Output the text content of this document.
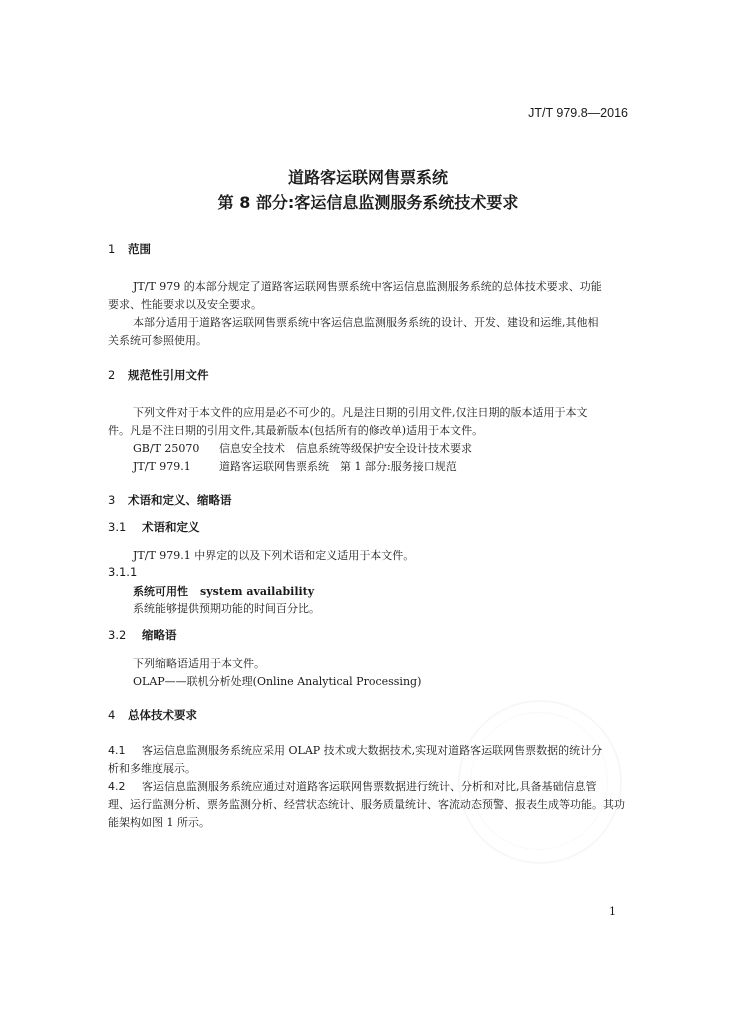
JT/T 979.8—2016
道路客运联网售票系统
第 8 部分:客运信息监测服务系统技术要求
1 范围
JT/T 979 的本部分规定了道路客运联网售票系统中客运信息监测服务系统的总体技术要求、功能
要求、性能要求以及安全要求。
本部分适用于道路客运联网售票系统中客运信息监测服务系统的设计、开发、建设和运维,其他相
关系统可参照使用。
2 规范性引用文件
下列文件对于本文件的应用是必不可少的。凡是注日期的引用文件,仅注日期的版本适用于本文
件。凡是不注日期的引用文件,其最新版本(包括所有的修改单)适用于本文件。
GB/T 25070 信息安全技术　信息系统等级保护安全设计技术要求
JT/T 979.1	道路客运联网售票系统　第 1 部分:服务接口规范
3 术语和定义、缩略语
3.1 术语和定义
JT/T 979.1 中界定的以及下列术语和定义适用于本文件。
3.1.1
系统可用性 system availability
系统能够提供预期功能的时间百分比。
3.2 缩略语
下列缩略语适用于本文件。
OLAP——联机分析处理(Online Analytical Processing)
4 总体技术要求
4.1 客运信息监测服务系统应采用 OLAP 技术或大数据技术,实现对道路客运联网售票数据的统计分
析和多维度展示。
4.2 客运信息监测服务系统应通过对道路客运联网售票数据进行统计、分析和对比,具备基础信息管
理、运行监测分析、票务监测分析、经营状态统计、服务质量统计、客流动态预警、报表生成等功能。其功
能架构如图 1 所示。
1
